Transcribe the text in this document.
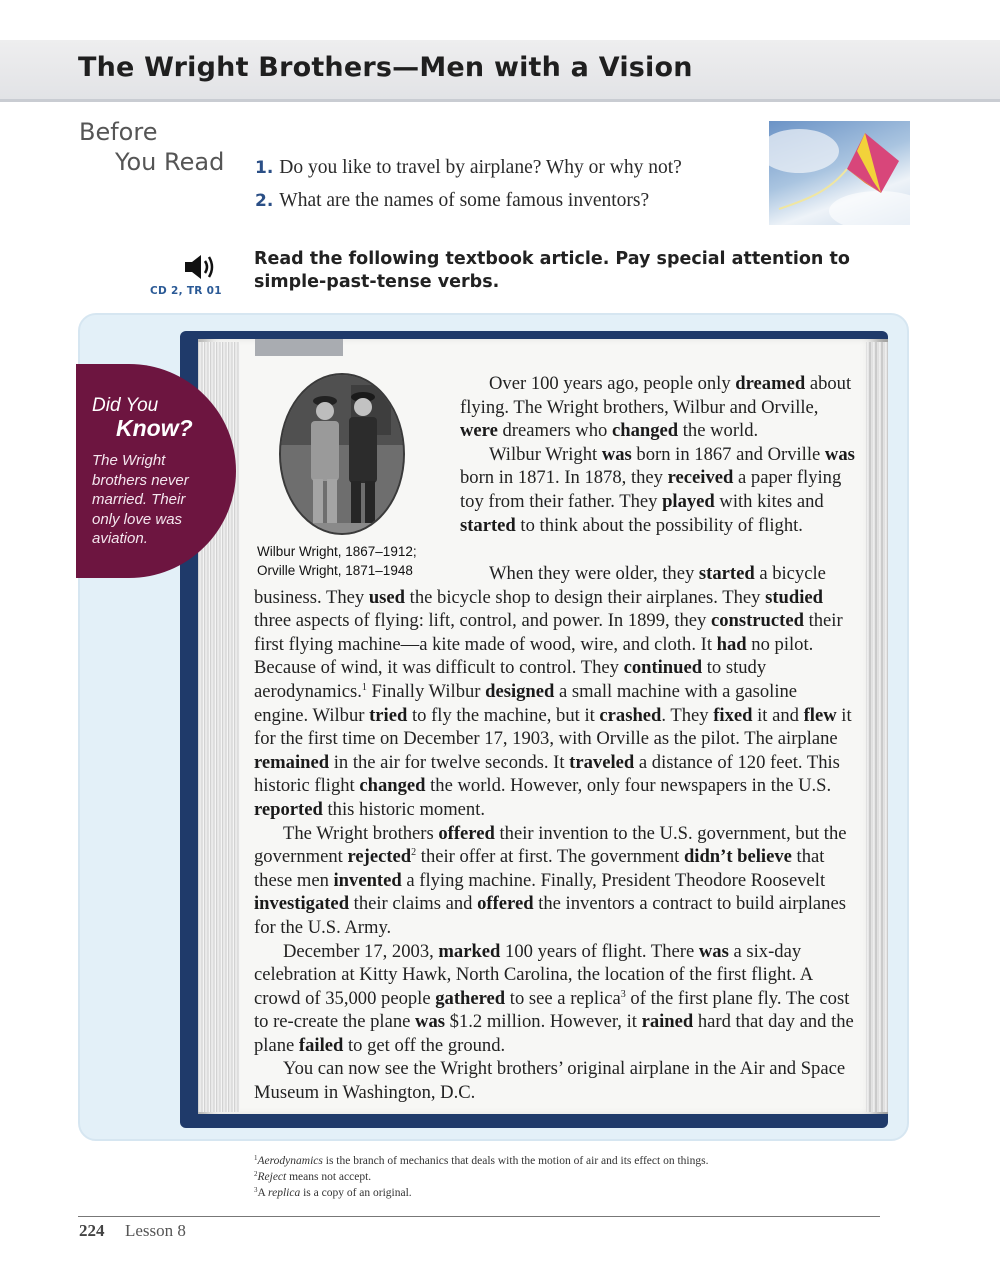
The Wright Brothers—Men with a Vision
Before
You Read 1. Do you like to travel by airplane? Why or why not?
2. What are the names of some famous inventors?
CD 2, TR 01
Read the following textbook article. Pay special attention to simple-past-tense verbs.
Wilbur Wright, 1867–1912;
Orville Wright, 1871–1948
Did You
Know?
The Wright brothers never married. Their only love was aviation.

Over 100 years ago, people only dreamed about flying. The Wright brothers, Wilbur and Orville, were dreamers who changed the world.

Wilbur Wright was born in 1867 and Orville was born in 1871. In 1878, they received a paper flying toy from their father. They played with kites and started to think about the possibility of flight.

When they were older, they started a bicycle business. They used the bicycle shop to design their airplanes. They studied three aspects of flying: lift, control, and power. In 1899, they constructed their first flying machine—a kite made of wood, wire, and cloth. It had no pilot. Because of wind, it was difficult to control. They continued to study aerodynamics.$^1$ Finally Wilbur designed a small machine with a gasoline engine. Wilbur tried to fly the machine, but it crashed. They fixed it and flew it for the first time on December 17, 1903, with Orville as the pilot. The airplane remained in the air for twelve seconds. It traveled a distance of 120 feet. This historic flight changed the world. However, only four newspapers in the U.S. reported this historic moment.

The Wright brothers offered their invention to the U.S. government, but the government rejected$^2$ their offer at first. The government didn’t believe that these men invented a flying machine. Finally, President Theodore Roosevelt investigated their claims and offered the inventors a contract to build airplanes for the U.S. Army.

December 17, 2003, marked 100 years of flight. There was a six-day celebration at Kitty Hawk, North Carolina, the location of the first flight. A crowd of 35,000 people gathered to see a replica$^3$ of the first plane fly. The cost to re-create the plane was $1.2 million. However, it rained hard that day and the plane failed to get off the ground.

You can now see the Wright brothers’ original airplane in the Air and Space Museum in Washington, D.C.

$^1$Aerodynamics is the branch of mechanics that deals with the motion of air and its effect on things.
$^2$Reject means not accept.
$^3$A replica is a copy of an original.
224 Lesson 8
